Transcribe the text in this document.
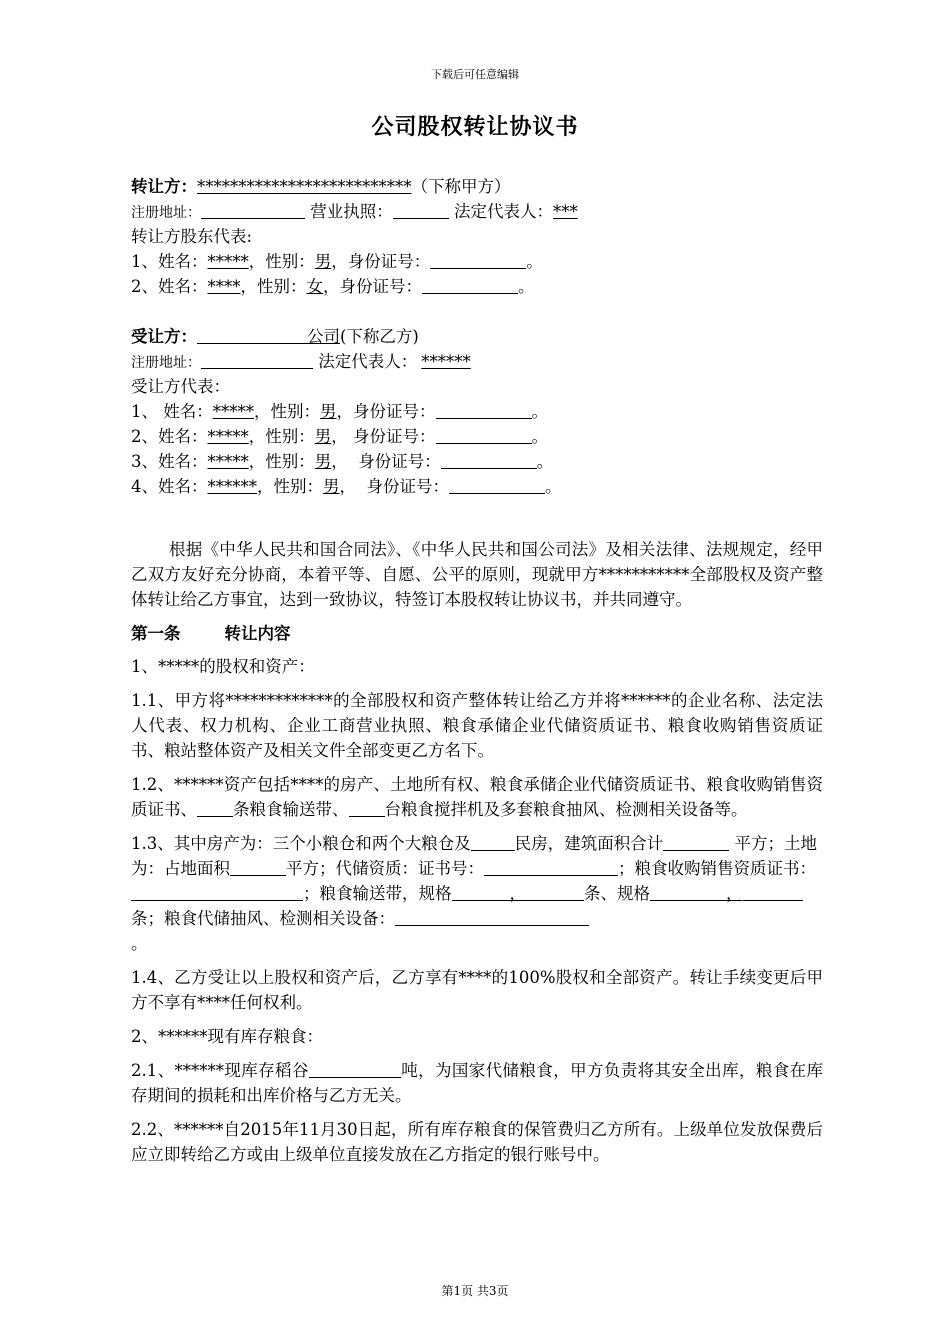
下载后可任意编辑
公司股权转让协议书
转让方：**************************（下称甲方）
注册地址：	营业执照：	法定代表人：***
转让方股东代表:
1、姓名：*****，性别：男，身份证号：	。
2、姓名：****，性别：女，身份证号：	。
受让方：	公司(下称乙方)
注册地址：	法定代表人： ******
受让方代表：
1、 姓名：*****，性别：男，身份证号：	。
2、姓名：*****，性别：男， 身份证号：	。
3、姓名：*****，性别：男，  身份证号：	。
4、姓名：******，性别：男，  身份证号：	。

根据《中华人民共和国合同法》、《中华人民共和国公司法》及相关法律、法规规定，经甲乙双方友好充分协商，本着平等、自愿、公平的原则，现就甲方***********全部股权及资产整体转让给乙方事宜，达到一致协议，特签订本股权转让协议书，并共同遵守。

第一条	转让内容

1、*****的股权和资产：

1.1、甲方将*************的全部股权和资产整体转让给乙方并将******的企业名称、法定法人代表、权力机构、企业工商营业执照、粮食承储企业代储资质证书、粮食收购销售资质证书、粮站整体资产及相关文件全部变更乙方名下。

1.2、******资产包括****的房产、土地所有权、粮食承储企业代储资质证书、粮食收购销售资质证书、 条粮食输送带、 台粮食搅拌机及多套粮食抽风、检测相关设备等。

1.3、其中房产为：三个小粮仓和两个大粮仓及	民房，建筑面积合计	平方；土地为：占地面积	平方；代储资质：证书号：	；粮食收购销售资质证书：；粮食输送带，规格	，	条、规格	，条；粮食代储抽风、检测相关设备：
。

1.4、乙方受让以上股权和资产后，乙方享有****的100%股权和全部资产。转让手续变更后甲方不享有****任何权利。

2、******现有库存粮食：

2.1、******现库存稻谷	吨，为国家代储粮食，甲方负责将其安全出库，粮食在库存期间的损耗和出库价格与乙方无关。

2.2、******自2015年11月30日起，所有库存粮食的保管费归乙方所有。上级单位发放保费后应立即转给乙方或由上级单位直接发放在乙方指定的银行账号中。

第1页 共3页
